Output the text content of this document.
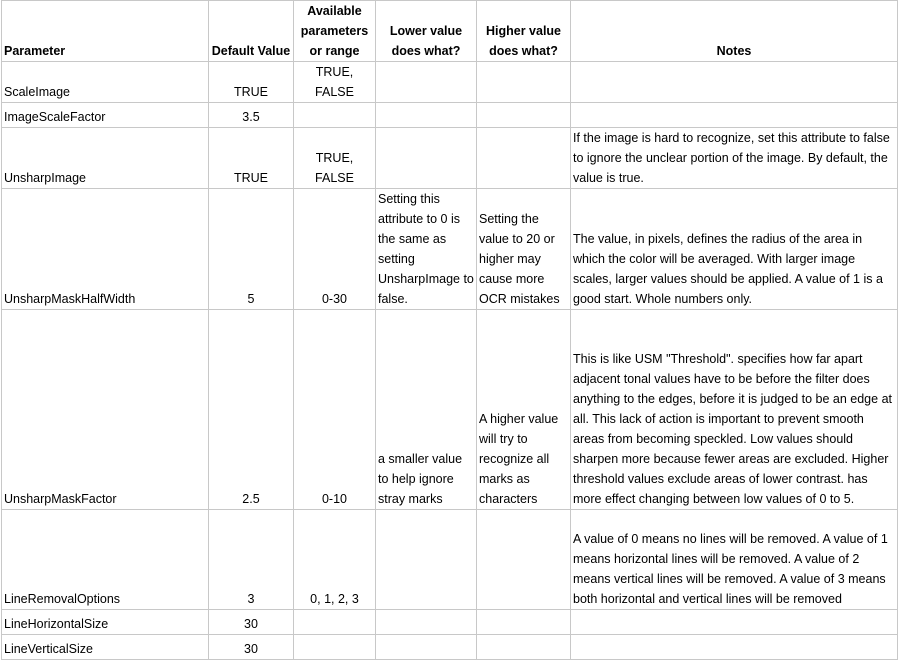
Parameter	Default Value	Available parameters or range	Lower value does what?	Higher value does what?	Notes
ScaleImage	TRUE	TRUE, FALSE			
ImageScaleFactor	3.5				
UnsharpImage	TRUE	TRUE, FALSE			If the image is hard to recognize, set this attribute to false to ignore the unclear portion of the image. By default, the value is true.
UnsharpMaskHalfWidth	5	0-30	Setting this attribute to 0 is the same as setting UnsharpImage to false.	Setting the value to 20 or higher may cause more OCR mistakes	The value, in pixels, defines the radius of the area in which the color will be averaged. With larger image scales, larger values should be applied. A value of 1 is a good start. Whole numbers only.
UnsharpMaskFactor	2.5	0-10	a smaller value to help ignore stray marks	A higher value will try to recognize all marks as characters	This is like USM "Threshold". specifies how far apart adjacent tonal values have to be before the filter does anything to the edges, before it is judged to be an edge at all. This lack of action is important to prevent smooth areas from becoming speckled. Low values should sharpen more because fewer areas are excluded. Higher threshold values exclude areas of lower contrast. has more effect changing between low values of 0 to 5.
LineRemovalOptions	3	0, 1, 2, 3			A value of 0 means no lines will be removed. A value of 1 means horizontal lines will be removed. A value of 2 means vertical lines will be removed. A value of 3 means both horizontal and vertical lines will be removed
LineHorizontalSize	30				
LineVerticalSize	30				
